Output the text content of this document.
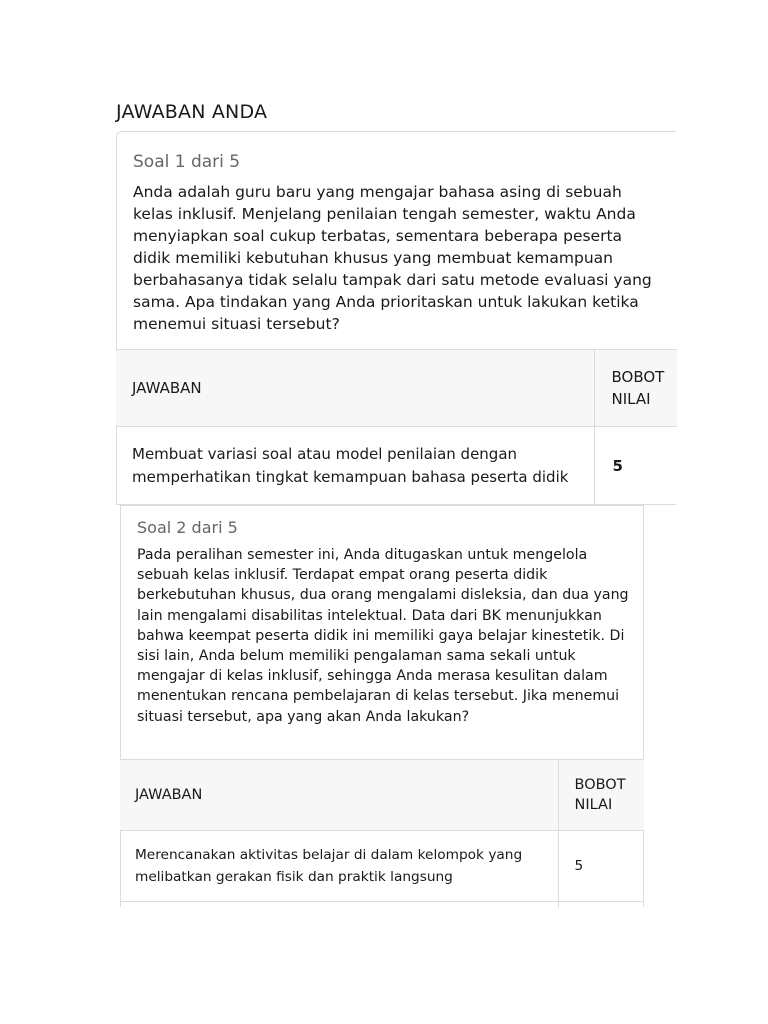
JAWABAN ANDA
Soal 1 dari 5

Anda adalah guru baru yang mengajar bahasa asing di sebuah kelas inklusif. Menjelang penilaian tengah semester, waktu Anda menyiapkan soal cukup terbatas, sementara beberapa peserta didik memiliki kebutuhan khusus yang membuat kemampuan berbahasanya tidak selalu tampak dari satu metode evaluasi yang sama. Apa tindakan yang Anda prioritaskan untuk lakukan ketika menemui situasi tersebut?

JAWABAN	BOBOT NILAI
Membuat variasi soal atau model penilaian dengan memperhatikan tingkat kemampuan bahasa peserta didik	5
Soal 2 dari 5

Pada peralihan semester ini, Anda ditugaskan untuk mengelola sebuah kelas inklusif. Terdapat empat orang peserta didik berkebutuhan khusus, dua orang mengalami disleksia, dan dua yang lain mengalami disabilitas intelektual. Data dari BK menunjukkan bahwa keempat peserta didik ini memiliki gaya belajar kinestetik. Di sisi lain, Anda belum memiliki pengalaman sama sekali untuk mengajar di kelas inklusif, sehingga Anda merasa kesulitan dalam menentukan rencana pembelajaran di kelas tersebut. Jika menemui situasi tersebut, apa yang akan Anda lakukan?

JAWABAN	BOBOT NILAI
Merencanakan aktivitas belajar di dalam kelompok yang melibatkan gerakan fisik dan praktik langsung	5
